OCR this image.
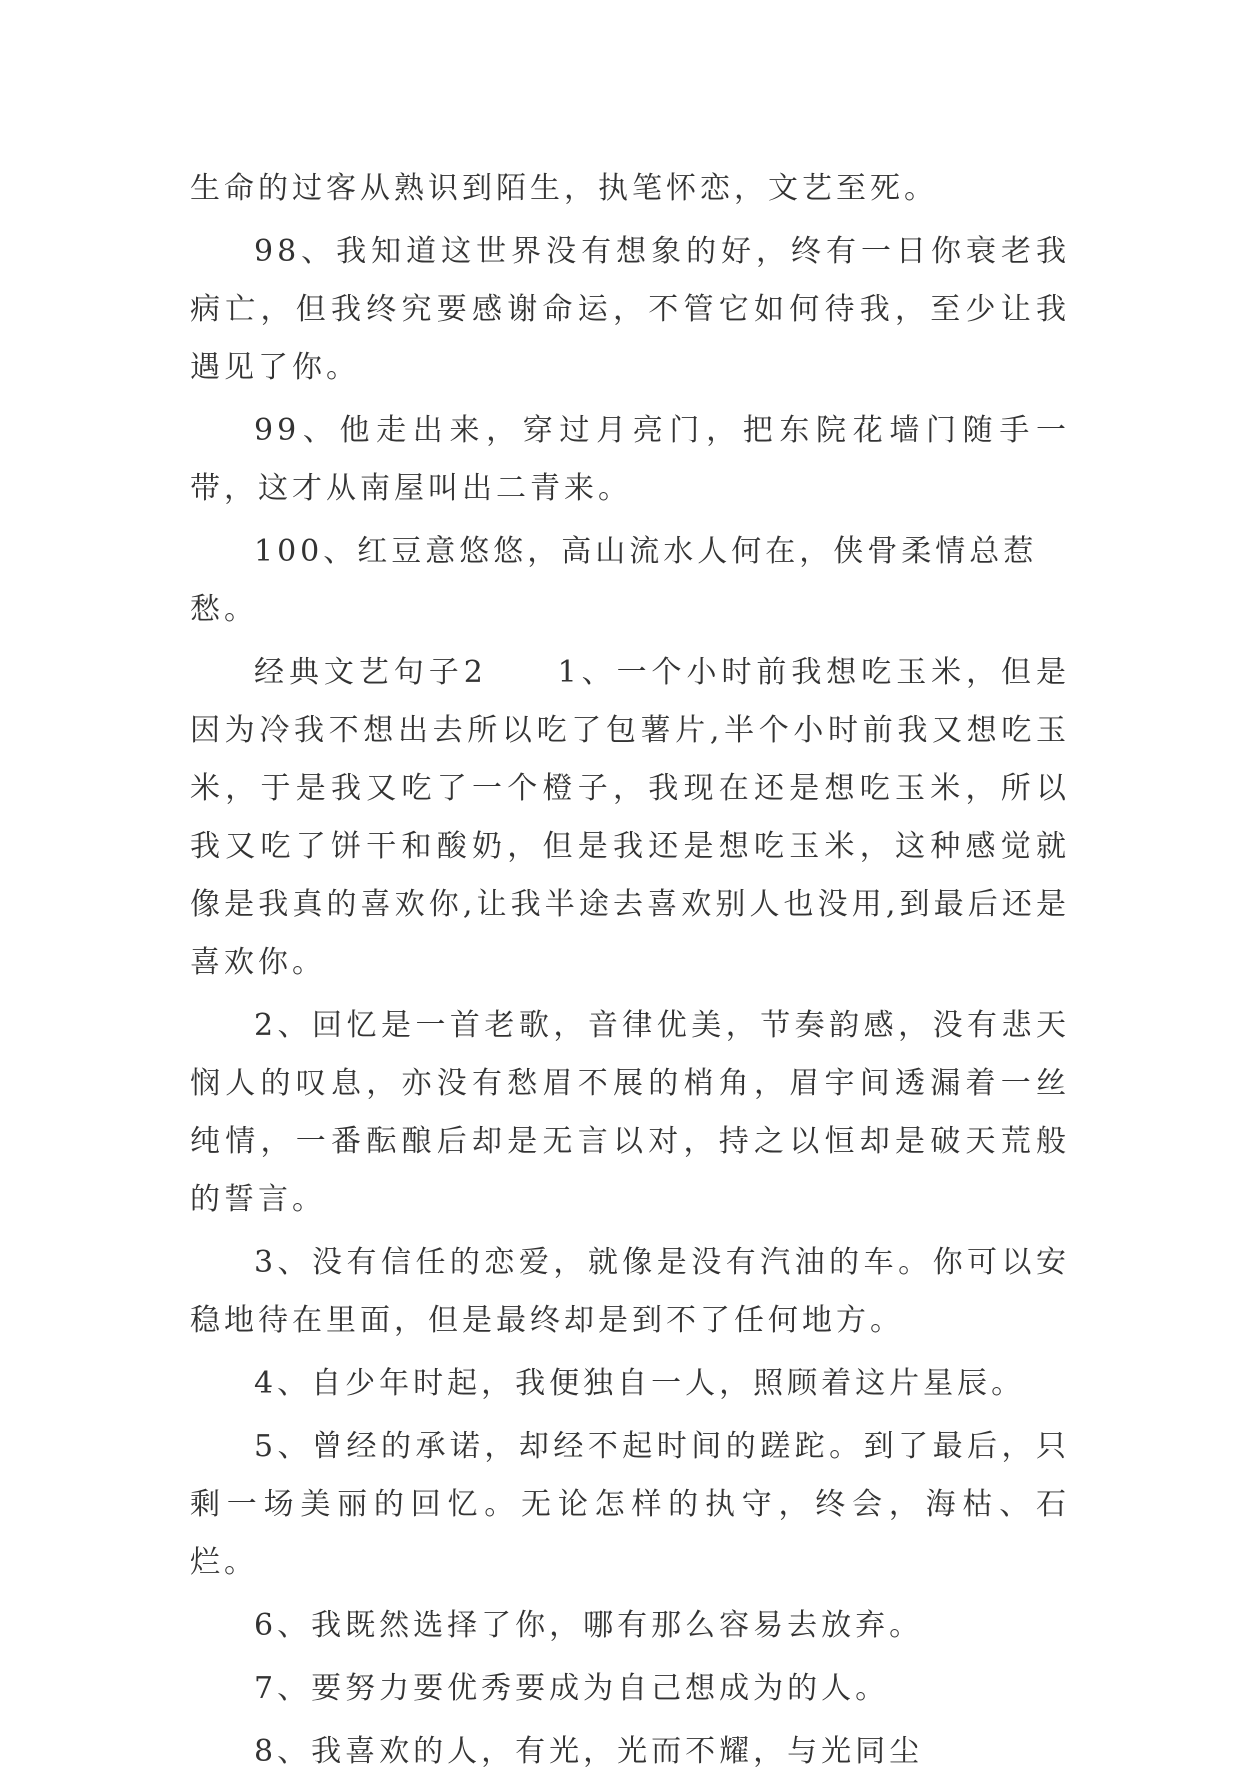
生命的过客从熟识到陌生，执笔怀恋，文艺至死。

98、我知道这世界没有想象的好，终有一日你衰老我病亡，但我终究要感谢命运，不管它如何待我，至少让我遇见了你。

99、他走出来，穿过月亮门，把东院花墙门随手一带，这才从南屋叫出二青来。

100、红豆意悠悠，高山流水人何在，侠骨柔情总惹愁。

经典文艺句子2　　1、一个小时前我想吃玉米，但是因为冷我不想出去所以吃了包薯片,半个小时前我又想吃玉米，于是我又吃了一个橙子，我现在还是想吃玉米，所以我又吃了饼干和酸奶，但是我还是想吃玉米，这种感觉就像是我真的喜欢你,让我半途去喜欢别人也没用,到最后还是喜欢你。

2、回忆是一首老歌，音律优美，节奏韵感，没有悲天悯人的叹息，亦没有愁眉不展的梢角，眉宇间透漏着一丝纯情，一番酝酿后却是无言以对，持之以恒却是破天荒般的誓言。

3、没有信任的恋爱，就像是没有汽油的车。你可以安稳地待在里面，但是最终却是到不了任何地方。

4、自少年时起，我便独自一人，照顾着这片星辰。

5、曾经的承诺，却经不起时间的蹉跎。到了最后，只剩一场美丽的回忆。无论怎样的执守，终会，海枯、石烂。

6、我既然选择了你，哪有那么容易去放弃。

7、要努力要优秀要成为自己想成为的人。

8、我喜欢的人，有光，光而不耀，与光同尘
